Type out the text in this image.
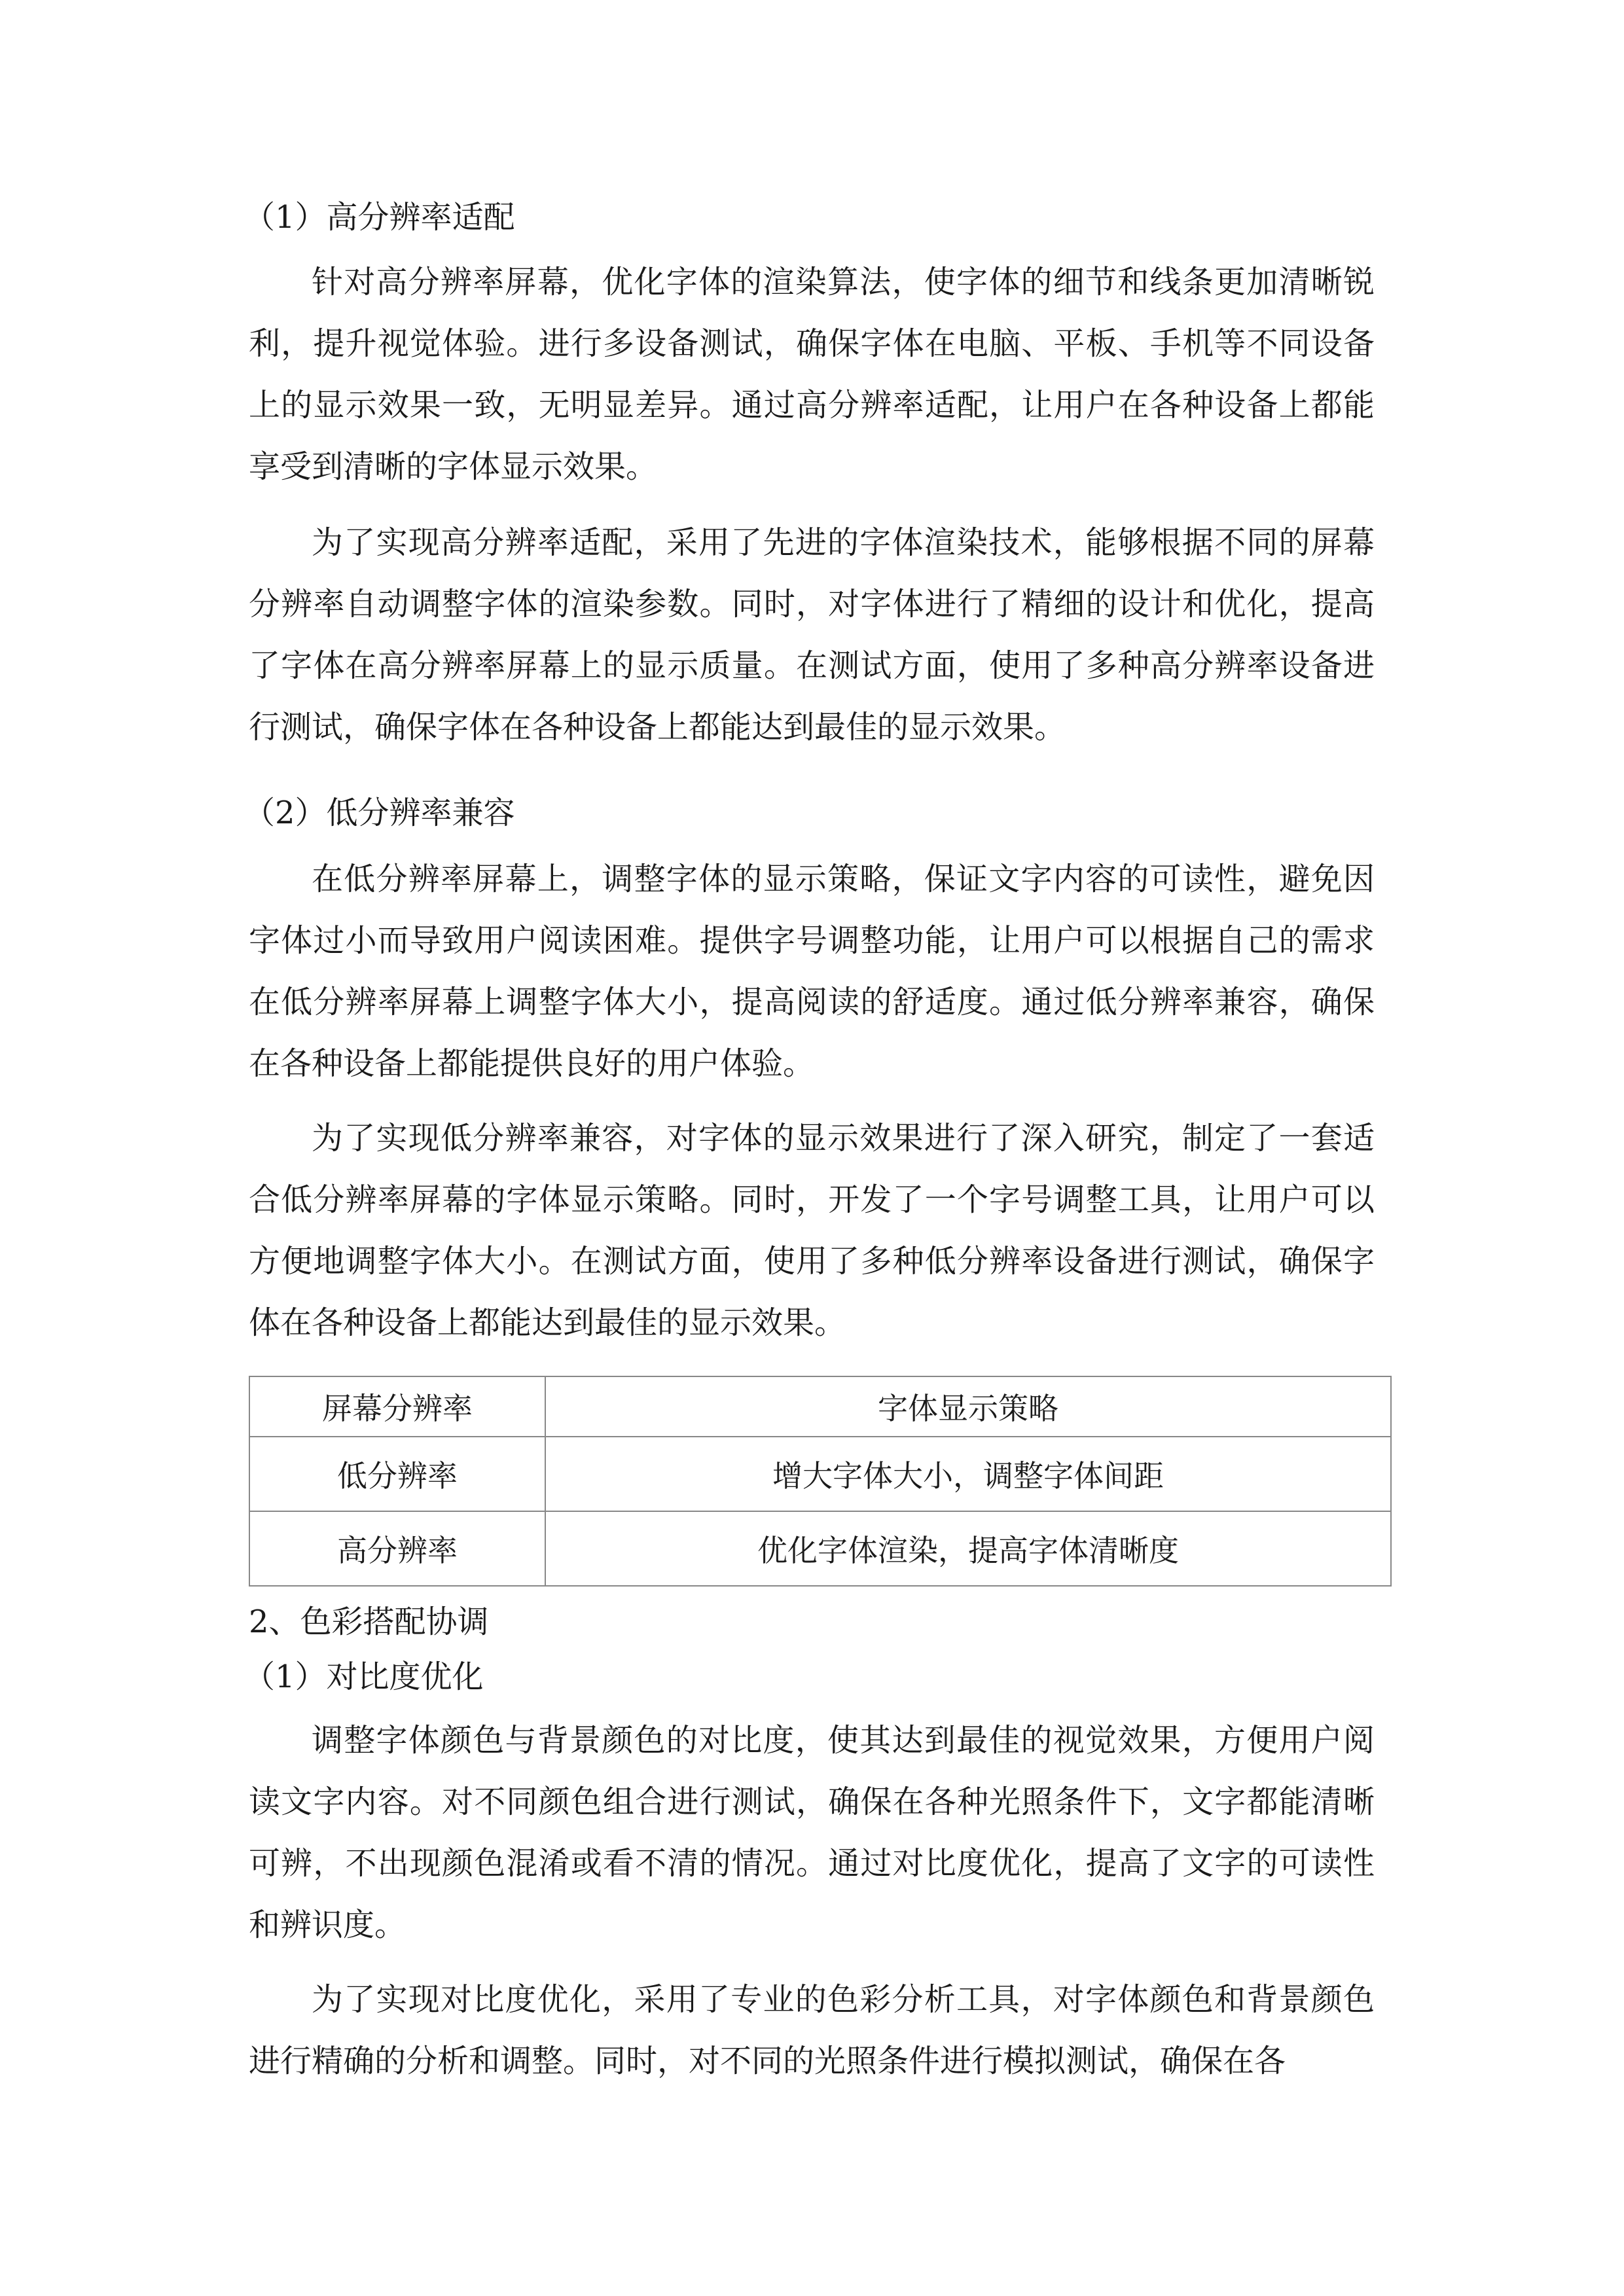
（1）高分辨率适配

针对高分辨率屏幕，优化字体的渲染算法，使字体的细节和线条更加清晰锐利，提升视觉体验。进行多设备测试，确保字体在电脑、平板、手机等不同设备上的显示效果一致，无明显差异。通过高分辨率适配，让用户在各种设备上都能享受到清晰的字体显示效果。

为了实现高分辨率适配，采用了先进的字体渲染技术，能够根据不同的屏幕分辨率自动调整字体的渲染参数。同时，对字体进行了精细的设计和优化，提高了字体在高分辨率屏幕上的显示质量。在测试方面，使用了多种高分辨率设备进行测试，确保字体在各种设备上都能达到最佳的显示效果。

（2）低分辨率兼容

在低分辨率屏幕上，调整字体的显示策略，保证文字内容的可读性，避免因字体过小而导致用户阅读困难。提供字号调整功能，让用户可以根据自己的需求在低分辨率屏幕上调整字体大小，提高阅读的舒适度。通过低分辨率兼容，确保在各种设备上都能提供良好的用户体验。

为了实现低分辨率兼容，对字体的显示效果进行了深入研究，制定了一套适合低分辨率屏幕的字体显示策略。同时，开发了一个字号调整工具，让用户可以方便地调整字体大小。在测试方面，使用了多种低分辨率设备进行测试，确保字体在各种设备上都能达到最佳的显示效果。

屏幕分辨率	字体显示策略
低分辨率	增大字体大小，调整字体间距
高分辨率	优化字体渲染，提高字体清晰度
2、色彩搭配协调
（1）对比度优化

调整字体颜色与背景颜色的对比度，使其达到最佳的视觉效果，方便用户阅读文字内容。对不同颜色组合进行测试，确保在各种光照条件下，文字都能清晰可辨，不出现颜色混淆或看不清的情况。通过对比度优化，提高了文字的可读性和辨识度。

为了实现对比度优化，采用了专业的色彩分析工具，对字体颜色和背景颜色进行精确的分析和调整。同时，对不同的光照条件进行模拟测试，确保在各
